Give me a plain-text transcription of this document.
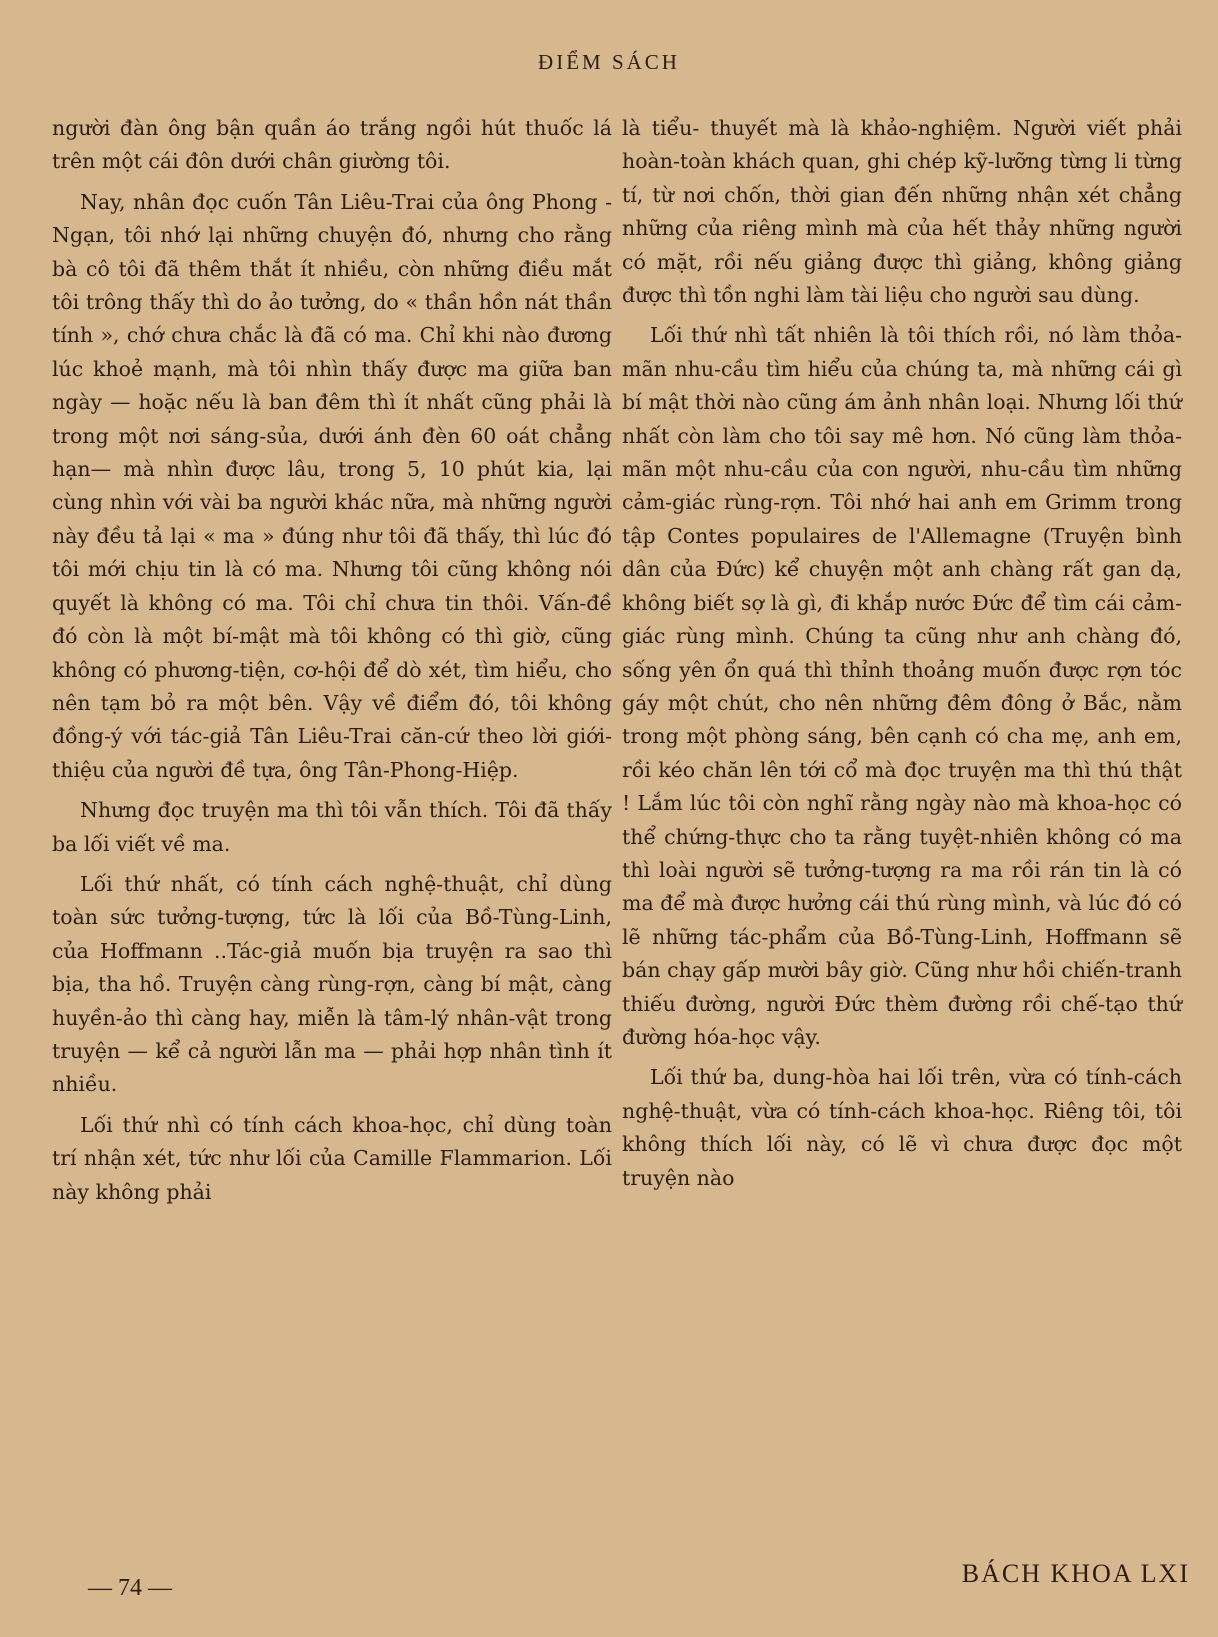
ĐIỂM SÁCH

người đàn ông bận quần áo trắng ngồi hút thuốc lá trên một cái đôn dưới chân giường tôi.

Nay, nhân đọc cuốn Tân Liêu-Trai của ông Phong - Ngạn, tôi nhớ lại những chuyện đó, nhưng cho rằng bà cô tôi đã thêm thắt ít nhiều, còn những điều mắt tôi trông thấy thì do ảo tưởng, do « thần hồn nát thần tính », chớ chưa chắc là đã có ma. Chỉ khi nào đương lúc khoẻ mạnh, mà tôi nhìn thấy được ma giữa ban ngày — hoặc nếu là ban đêm thì ít nhất cũng phải là trong một nơi sáng-sủa, dưới ánh đèn 60 oát chẳng hạn— mà nhìn được lâu, trong 5, 10 phút kia, lại cùng nhìn với vài ba người khác nữa, mà những người này đều tả lại « ma » đúng như tôi đã thấy, thì lúc đó tôi mới chịu tin là có ma. Nhưng tôi cũng không nói quyết là không có ma. Tôi chỉ chưa tin thôi. Vấn-đề đó còn là một bí-mật mà tôi không có thì giờ, cũng không có phương-tiện, cơ-hội để dò xét, tìm hiểu, cho nên tạm bỏ ra một bên. Vậy về điểm đó, tôi không đồng-ý với tác-giả Tân Liêu-Trai căn-cứ theo lời giới-thiệu của người đề tựa, ông Tân-Phong-Hiệp.

Nhưng đọc truyện ma thì tôi vẫn thích. Tôi đã thấy ba lối viết về ma.

Lối thứ nhất, có tính cách nghệ-thuật, chỉ dùng toàn sức tưởng-tượng, tức là lối của Bồ-Tùng-Linh, của Hoffmann ..Tác-giả muốn bịa truyện ra sao thì bịa, tha hồ. Truyện càng rùng-rợn, càng bí mật, càng huyền-ảo thì càng hay, miễn là tâm-lý nhân-vật trong truyện — kể cả người lẫn ma — phải hợp nhân tình ít nhiều.

Lối thứ nhì có tính cách khoa-học, chỉ dùng toàn trí nhận xét, tức như lối của Camille Flammarion. Lối này không phải

là tiểu- thuyết mà là khảo-nghiệm. Người viết phải hoàn-toàn khách quan, ghi chép kỹ-lưỡng từng li từng tí, từ nơi chốn, thời gian đến những nhận xét chẳng những của riêng mình mà của hết thảy những người có mặt, rồi nếu giảng được thì giảng, không giảng được thì tồn nghi làm tài liệu cho người sau dùng.

Lối thứ nhì tất nhiên là tôi thích rồi, nó làm thỏa-mãn nhu-cầu tìm hiểu của chúng ta, mà những cái gì bí mật thời nào cũng ám ảnh nhân loại. Nhưng lối thứ nhất còn làm cho tôi say mê hơn. Nó cũng làm thỏa-mãn một nhu-cầu của con người, nhu-cầu tìm những cảm-giác rùng-rợn. Tôi nhớ hai anh em Grimm trong tập Contes populaires de l'Allemagne (Truyện bình dân của Đức) kể chuyện một anh chàng rất gan dạ, không biết sợ là gì, đi khắp nước Đức để tìm cái cảm-giác rùng mình. Chúng ta cũng như anh chàng đó, sống yên ổn quá thì thỉnh thoảng muốn được rợn tóc gáy một chút, cho nên những đêm đông ở Bắc, nằm trong một phòng sáng, bên cạnh có cha mẹ, anh em, rồi kéo chăn lên tới cổ mà đọc truyện ma thì thú thật ! Lắm lúc tôi còn nghĩ rằng ngày nào mà khoa-học có thể chứng-thực cho ta rằng tuyệt-nhiên không có ma thì loài người sẽ tưởng-tượng ra ma rồi rán tin là có ma để mà được hưởng cái thú rùng mình, và lúc đó có lẽ những tác-phẩm của Bồ-Tùng-Linh, Hoffmann sẽ bán chạy gấp mười bây giờ. Cũng như hồi chiến-tranh thiếu đường, người Đức thèm đường rồi chế-tạo thứ đường hóa-học vậy.

Lối thứ ba, dung-hòa hai lối trên, vừa có tính-cách nghệ-thuật, vừa có tính-cách khoa-học. Riêng tôi, tôi không thích lối này, có lẽ vì chưa được đọc một truyện nào

— 74 —	BÁCH KHOA LXI
